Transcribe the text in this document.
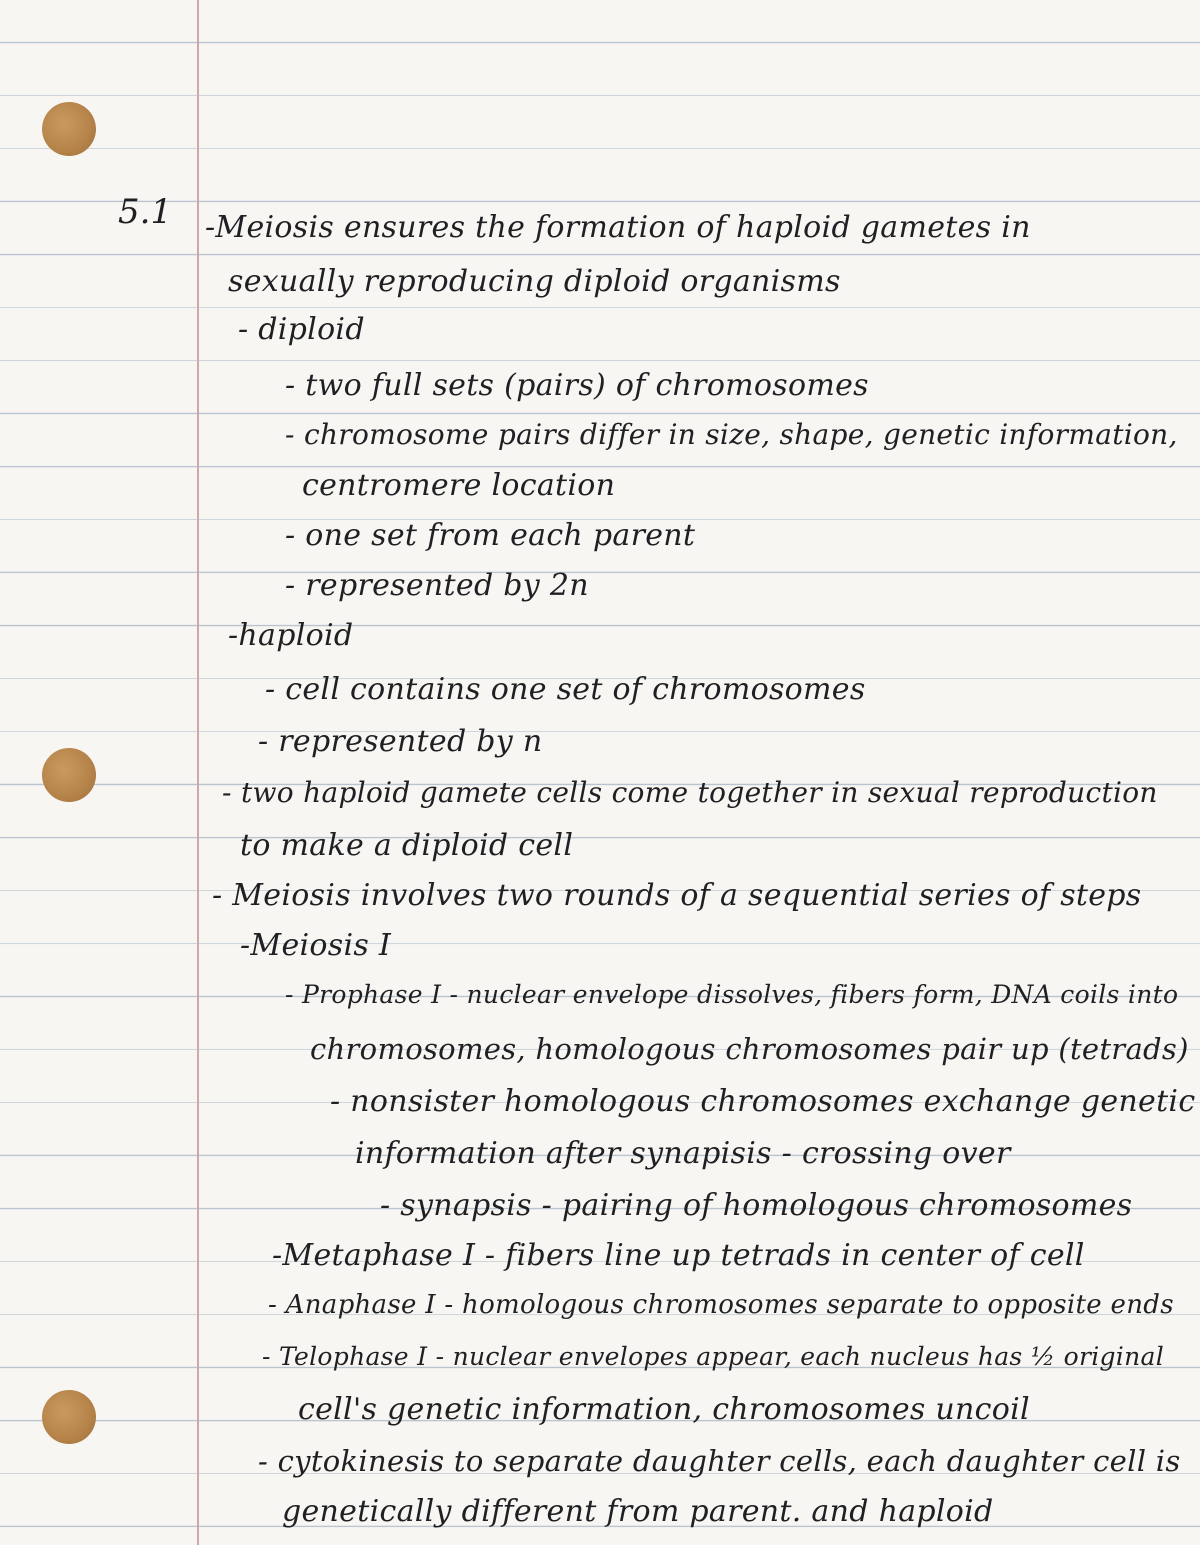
5.1 -Meiosis ensures the formation of haploid gametes in
sexually reproducing diploid organisms
- diploid
- two full sets (pairs) of chromosomes
- chromosome pairs differ in size, shape, genetic information,
centromere location
- one set from each parent
- represented by 2n
-haploid
- cell contains one set of chromosomes
- represented by n
- two haploid gamete cells come together in sexual reproduction
to make a diploid cell
- Meiosis involves two rounds of a sequential series of steps
-Meiosis I
- Prophase I - nuclear envelope dissolves, fibers form, DNA coils into
chromosomes, homologous chromosomes pair up (tetrads)
- nonsister homologous chromosomes exchange genetic
information after synapisis - crossing over
- synapsis - pairing of homologous chromosomes
-Metaphase I - fibers line up tetrads in center of cell
- Anaphase I - homologous chromosomes separate to opposite ends
- Telophase I - nuclear envelopes appear, each nucleus has ½ original
cell's genetic information, chromosomes uncoil
- cytokinesis to separate daughter cells, each daughter cell is
genetically different from parent. and haploid
